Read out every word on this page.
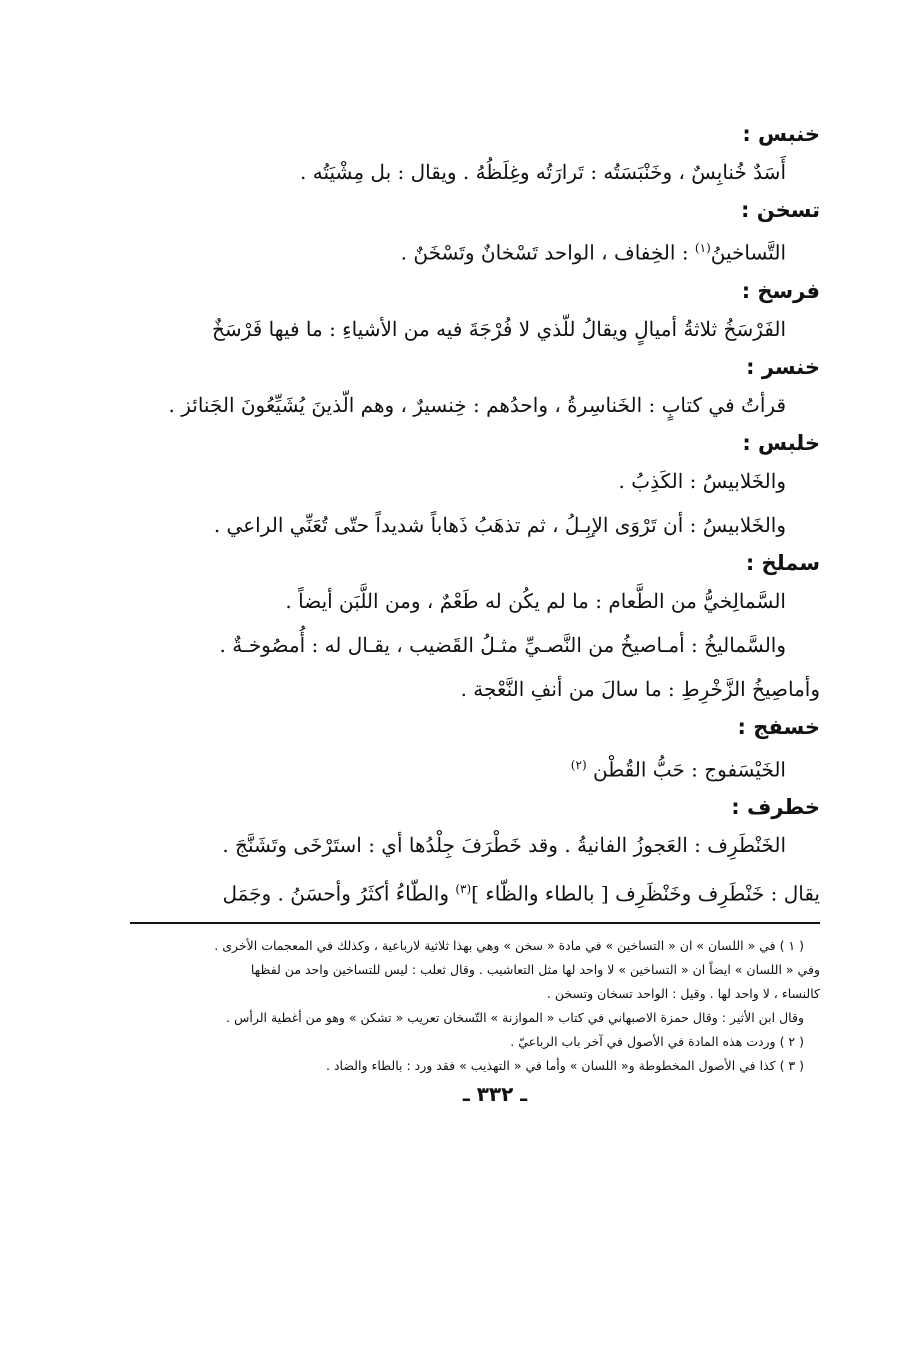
خنبس :

أَسَدٌ خُنابِسٌ ، وخَنْبَسَتُه : تَرارَتُه وغِلَظُهُ . ويقال : بل مِشْيَتُه .

تسخن :

التَّساخينُ$^{(١)}$ : الخِفاف ، الواحد تَسْخانٌ وتَسْخَنٌ .

فرسخ :

الفَرْسَخُ ثلاثةُ أميالٍ ويقالُ للّذي لا فُرْجَةَ فيه من الأشياءِ : ما فيها فَرْسَخٌ

خنسر :

قرأتُ في كتابٍ : الخَناسِرةُ ، واحدُهم : خِنسيرٌ ، وهم الّذينَ يُشَيِّعُونَ الجَنائز .

خلبس :

والخَلابيسُ : الكَذِبُ .

والخَلابيسُ : أن تَرْوَى الإبِـلُ ، ثم تذهَبُ ذَهاباً شديداً حتّى تُعَنِّي الراعي .

سملخ :

السَّمالِخيُّ من الطَّعام : ما لم يكُن له طَعْمٌ ، ومن اللَّبَن أيضاً .

والسَّماليخُ : أمـاصيخُ من النَّصـيِّ مثـلُ القَضيب ، يقـال له : أُمصُوخـةٌ .

وأماصِيخُ الزَّخْرِطِ : ما سالَ من أنفِ النَّعْجة .

خسفج :

الخَيْسَفوج : حَبُّ القُطْن $^{(٢)}$

خطرف :

الخَنْطَرِف : العَجوزُ الفانيةُ . وقد خَطْرَفَ جِلْدُها أي : استَرْخَى وتَشَنَّجَ .

يقال : خَنْطَرِف وخَنْظَرِف [ بالطاء والظّاء ]$^{(٣)}$ والطّاءُ أكثَرُ وأحسَنُ . وجَمَل

( ١ ) في « اللسان » ان « التساخين » في مادة « سخن » وهي بهذا ثلاثية لارباعية ، وكذلك في المعجمات الأخرى .

وفي « اللسان » ايضاً ان « التساخين » لا واحد لها مثل التعاشيب . وقال ثعلب : ليس للتساخين واحد من لفظها

كالنساء ، لا واحد لها . وقيل : الواحد تسخان وتسخن .

وقال ابن الأثير : وقال حمزة الاصبهاني في كتاب « الموازنة » التّسخان تعريب « تشكن » وهو من أغطية الرأس .

( ٢ ) وردت هذه المادة في الأصول في آخر باب الرباعيّ .

( ٣ ) كذا في الأصول المخطوطة و« اللسان » وأما في « التهذيب » فقد ورد : بالطاء والضاد .

ـ ٣٣٢ ـ
